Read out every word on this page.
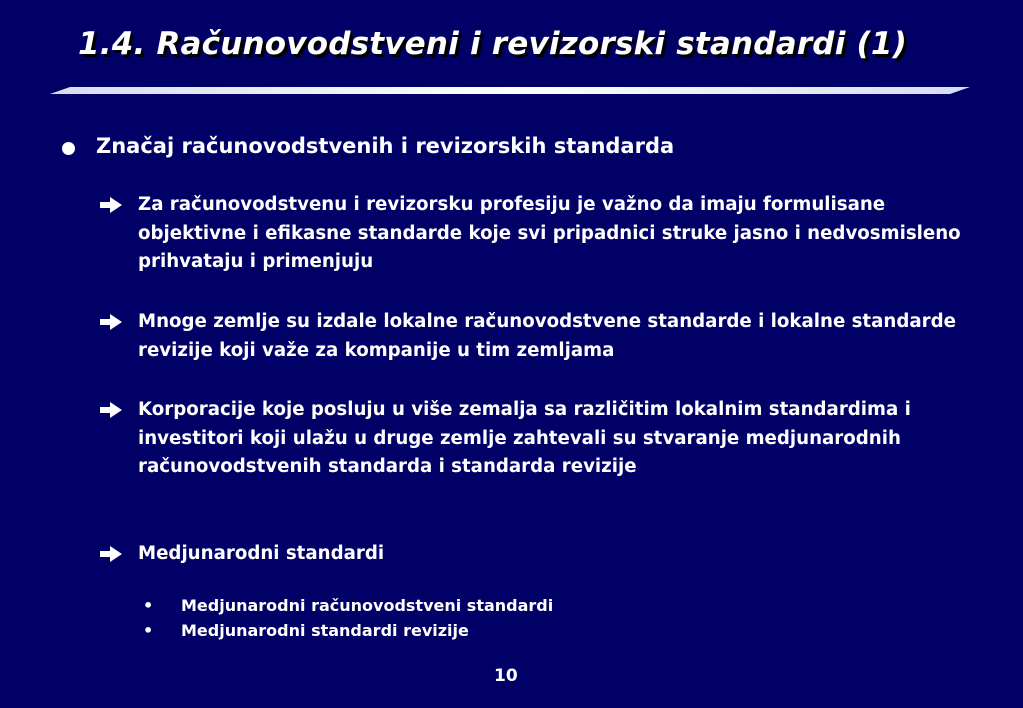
1.4. Računovodstveni i revizorski standardi (1)
Značaj računovodstvenih i revizorskih standarda
Za računovodstvenu i revizorsku profesiju je važno da imaju formulisane objektivne i efikasne standarde koje svi pripadnici struke jasno i nedvosmisleno prihvataju i primenjuju
Mnoge zemlje su izdale lokalne računovodstvene standarde i lokalne standarde revizije koji važe za kompanije u tim zemljama
Korporacije koje posluju u više zemalja sa različitim lokalnim standardima i investitori koji ulažu u druge zemlje zahtevali su stvaranje medjunarodnih računovodstvenih standarda i standarda revizije
Medjunarodni standardi
• Medjunarodni računovodstveni standardi
• Medjunarodni standardi revizije
10
